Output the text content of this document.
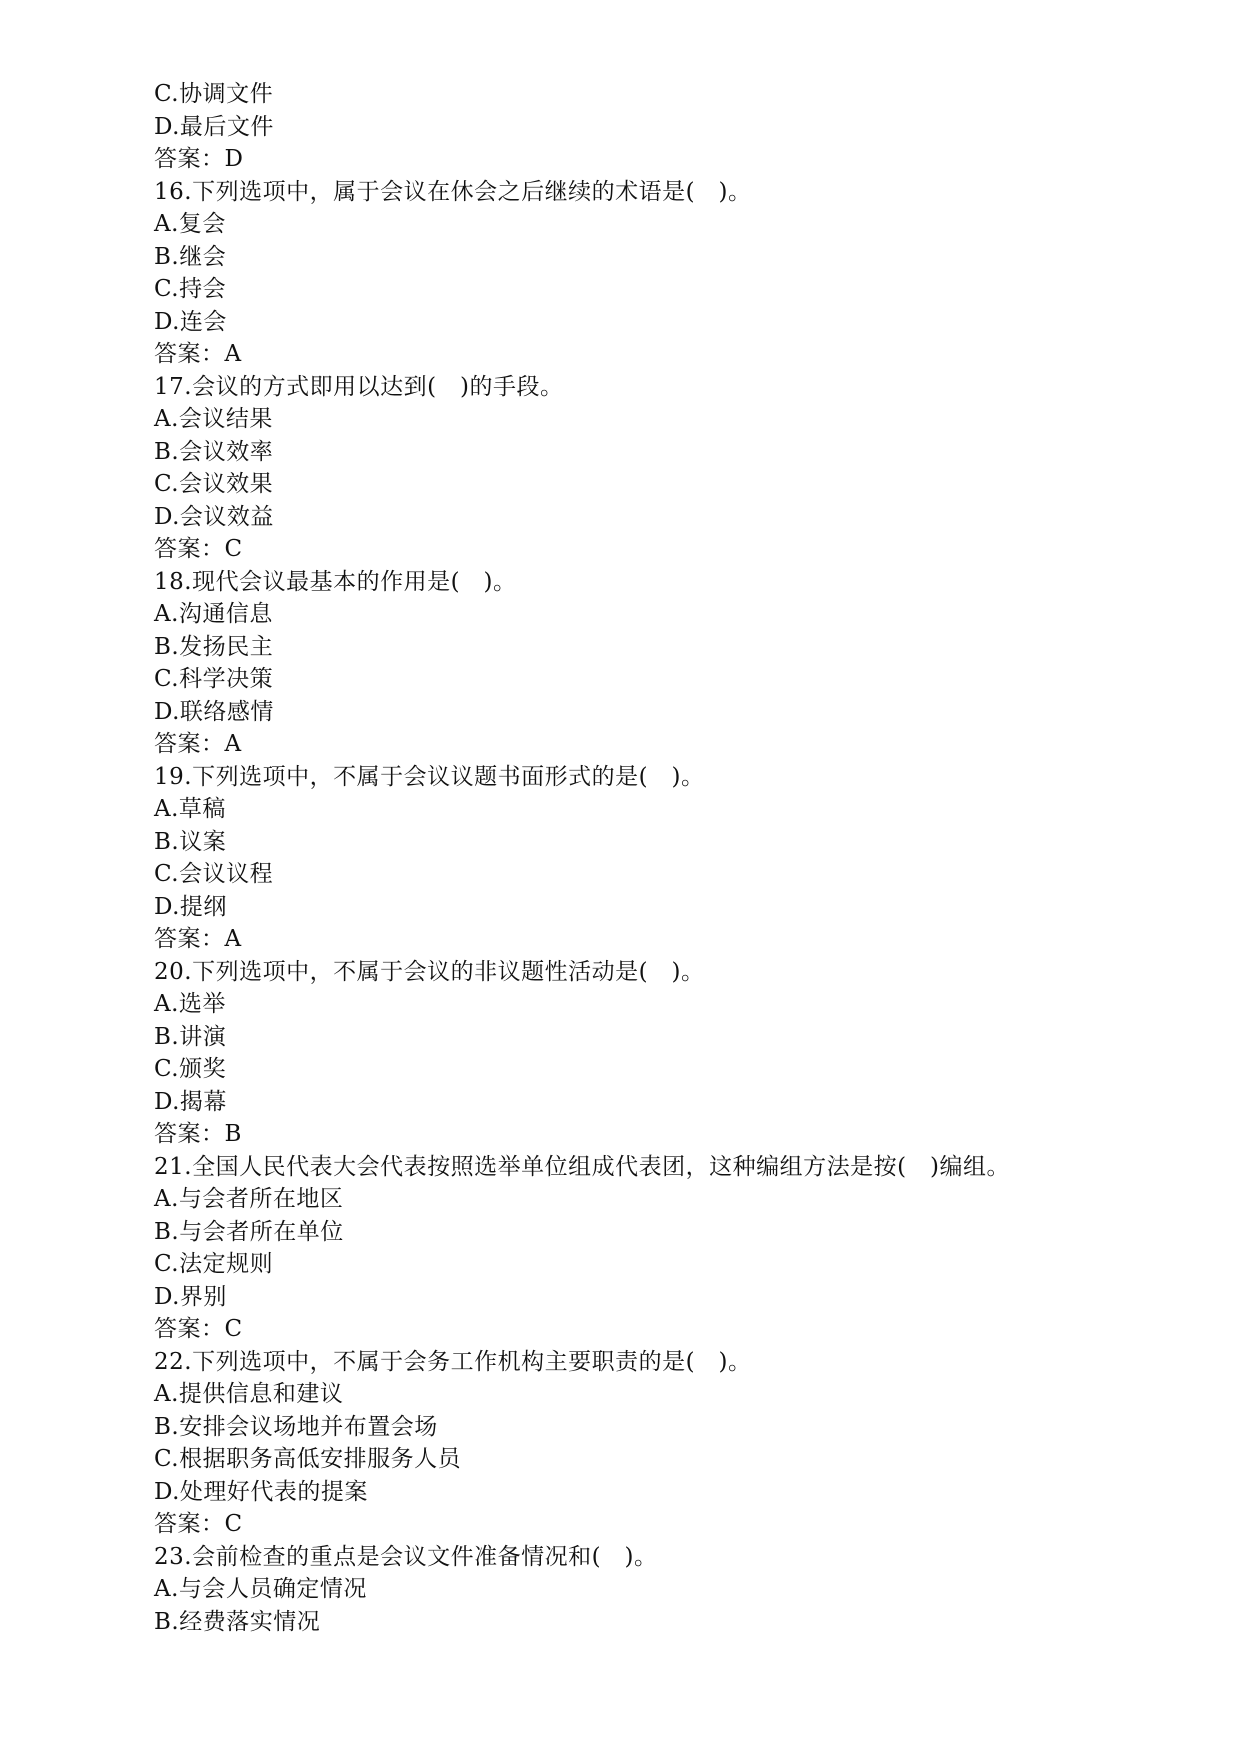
C.协调文件
D.最后文件
答案：D
16.下列选项中，属于会议在休会之后继续的术语是(　)。
A.复会
B.继会
C.持会
D.连会
答案：A
17.会议的方式即用以达到(　)的手段。
A.会议结果
B.会议效率
C.会议效果
D.会议效益
答案：C
18.现代会议最基本的作用是(　)。
A.沟通信息
B.发扬民主
C.科学决策
D.联络感情
答案：A
19.下列选项中，不属于会议议题书面形式的是(　)。
A.草稿
B.议案
C.会议议程
D.提纲
答案：A
20.下列选项中，不属于会议的非议题性活动是(　)。
A.选举
B.讲演
C.颁奖
D.揭幕
答案：B
21.全国人民代表大会代表按照选举单位组成代表团，这种编组方法是按(　)编组。
A.与会者所在地区
B.与会者所在单位
C.法定规则
D.界别
答案：C
22.下列选项中，不属于会务工作机构主要职责的是(　)。
A.提供信息和建议
B.安排会议场地并布置会场
C.根据职务高低安排服务人员
D.处理好代表的提案
答案：C
23.会前检查的重点是会议文件准备情况和(　)。
A.与会人员确定情况
B.经费落实情况
